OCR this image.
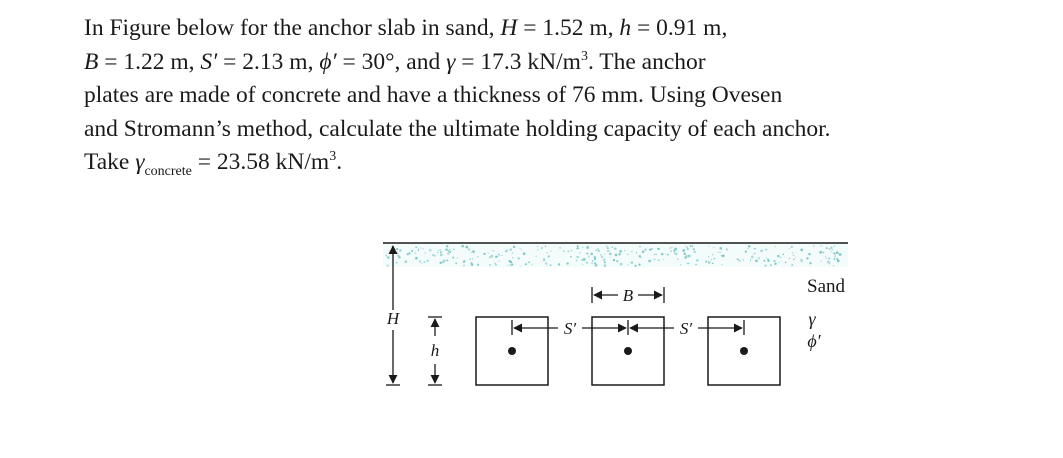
In Figure below for the anchor slab in sand, H = 1.52 m, h = 0.91 m,
B = 1.22 m, S′ = 2.13 m, ϕ′ = 30°, and γ = 17.3 $kN/m^3$. The anchor
plates are made of concrete and have a thickness of 76 mm. Using Ovesen
and Stromann’s method, calculate the ultimate holding capacity of each anchor.
Take $\gamma_{concrete} = 23.58$ $kN/m^3$.
H
h
B
S′	S′
Sand
γ
ϕ′
